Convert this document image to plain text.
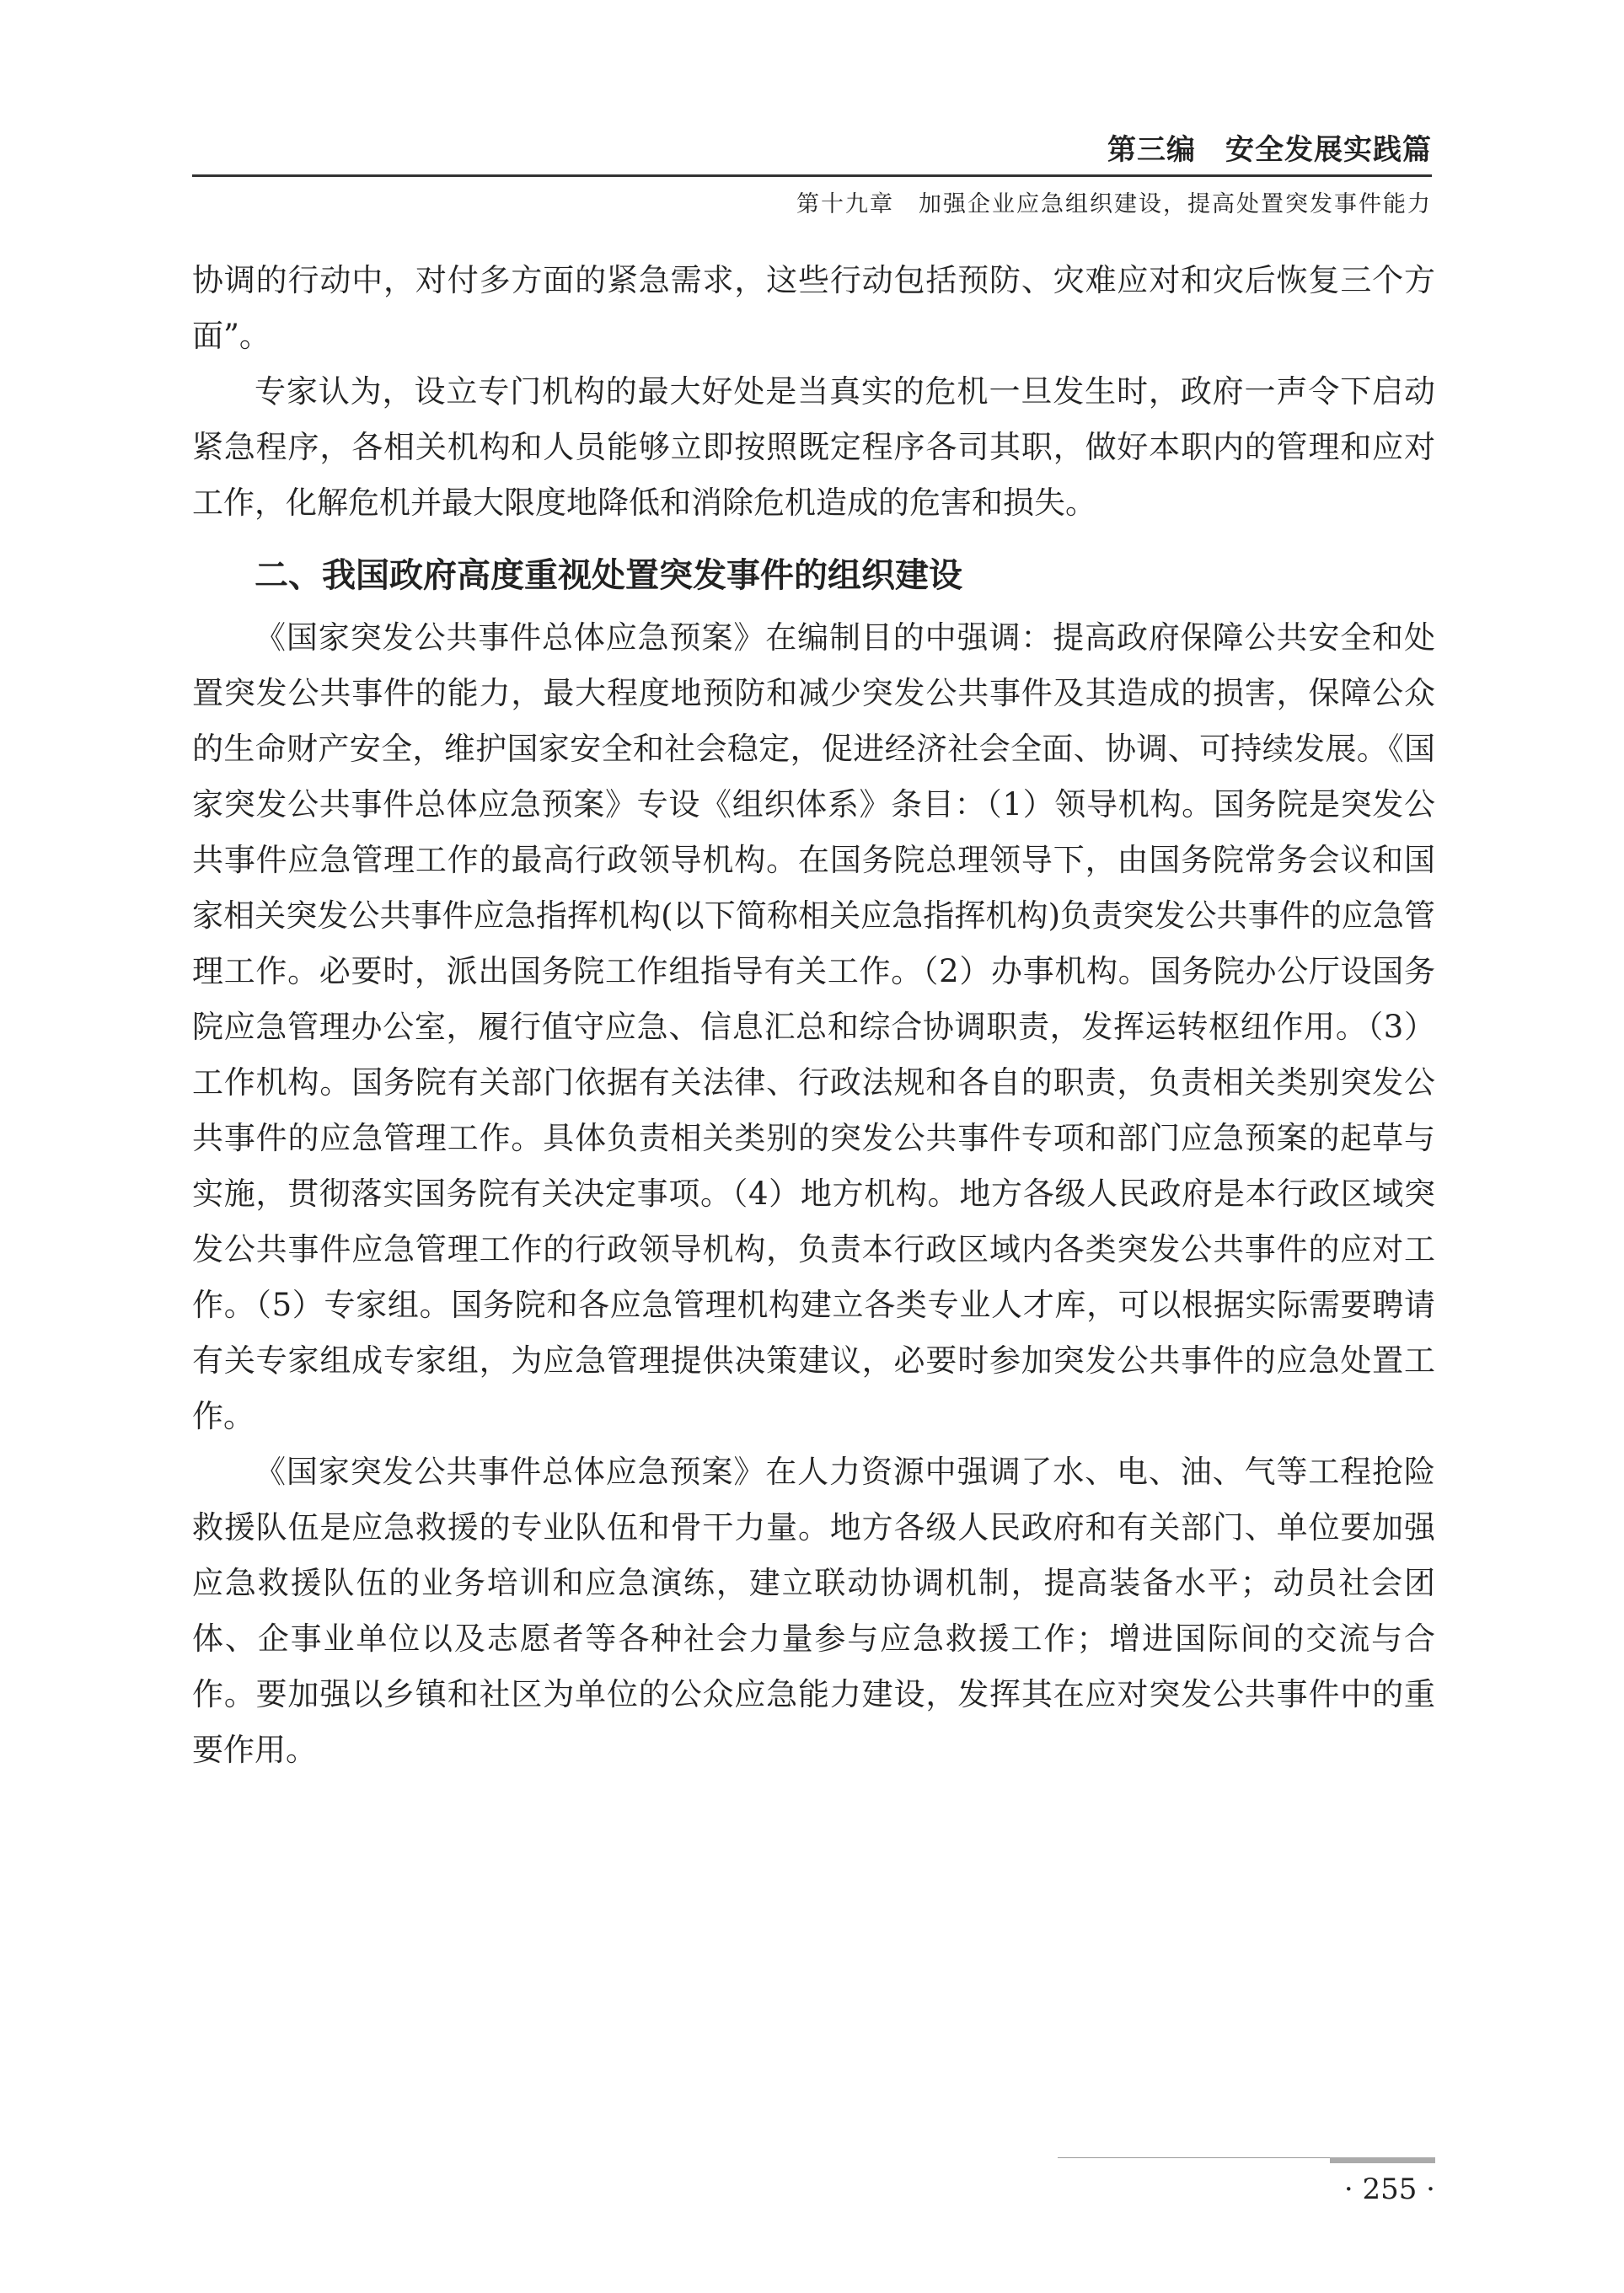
第三编　安全发展实践篇
第十九章　加强企业应急组织建设，提高处置突发事件能力

协调的行动中，对付多方面的紧急需求，这些行动包括预防、灾难应对和灾后恢复三个方面”。

专家认为，设立专门机构的最大好处是当真实的危机一旦发生时，政府一声令下启动紧急程序，各相关机构和人员能够立即按照既定程序各司其职，做好本职内的管理和应对工作，化解危机并最大限度地降低和消除危机造成的危害和损失。

二、我国政府高度重视处置突发事件的组织建设

《国家突发公共事件总体应急预案》在编制目的中强调：提高政府保障公共安全和处置突发公共事件的能力，最大程度地预防和减少突发公共事件及其造成的损害，保障公众的生命财产安全，维护国家安全和社会稳定，促进经济社会全面、协调、可持续发展。《国家突发公共事件总体应急预案》专设《组织体系》条目：（1）领导机构。国务院是突发公共事件应急管理工作的最高行政领导机构。在国务院总理领导下，由国务院常务会议和国家相关突发公共事件应急指挥机构(以下简称相关应急指挥机构)负责突发公共事件的应急管理工作。必要时，派出国务院工作组指导有关工作。（2）办事机构。国务院办公厅设国务院应急管理办公室，履行值守应急、信息汇总和综合协调职责，发挥运转枢纽作用。（3）工作机构。国务院有关部门依据有关法律、行政法规和各自的职责，负责相关类别突发公共事件的应急管理工作。具体负责相关类别的突发公共事件专项和部门应急预案的起草与实施，贯彻落实国务院有关决定事项。（4）地方机构。地方各级人民政府是本行政区域突发公共事件应急管理工作的行政领导机构，负责本行政区域内各类突发公共事件的应对工作。（5）专家组。国务院和各应急管理机构建立各类专业人才库，可以根据实际需要聘请有关专家组成专家组，为应急管理提供决策建议，必要时参加突发公共事件的应急处置工作。

《国家突发公共事件总体应急预案》在人力资源中强调了水、电、油、气等工程抢险救援队伍是应急救援的专业队伍和骨干力量。地方各级人民政府和有关部门、单位要加强应急救援队伍的业务培训和应急演练，建立联动协调机制，提高装备水平；动员社会团体、企事业单位以及志愿者等各种社会力量参与应急救援工作；增进国际间的交流与合作。要加强以乡镇和社区为单位的公众应急能力建设，发挥其在应对突发公共事件中的重要作用。

· 255 ·
